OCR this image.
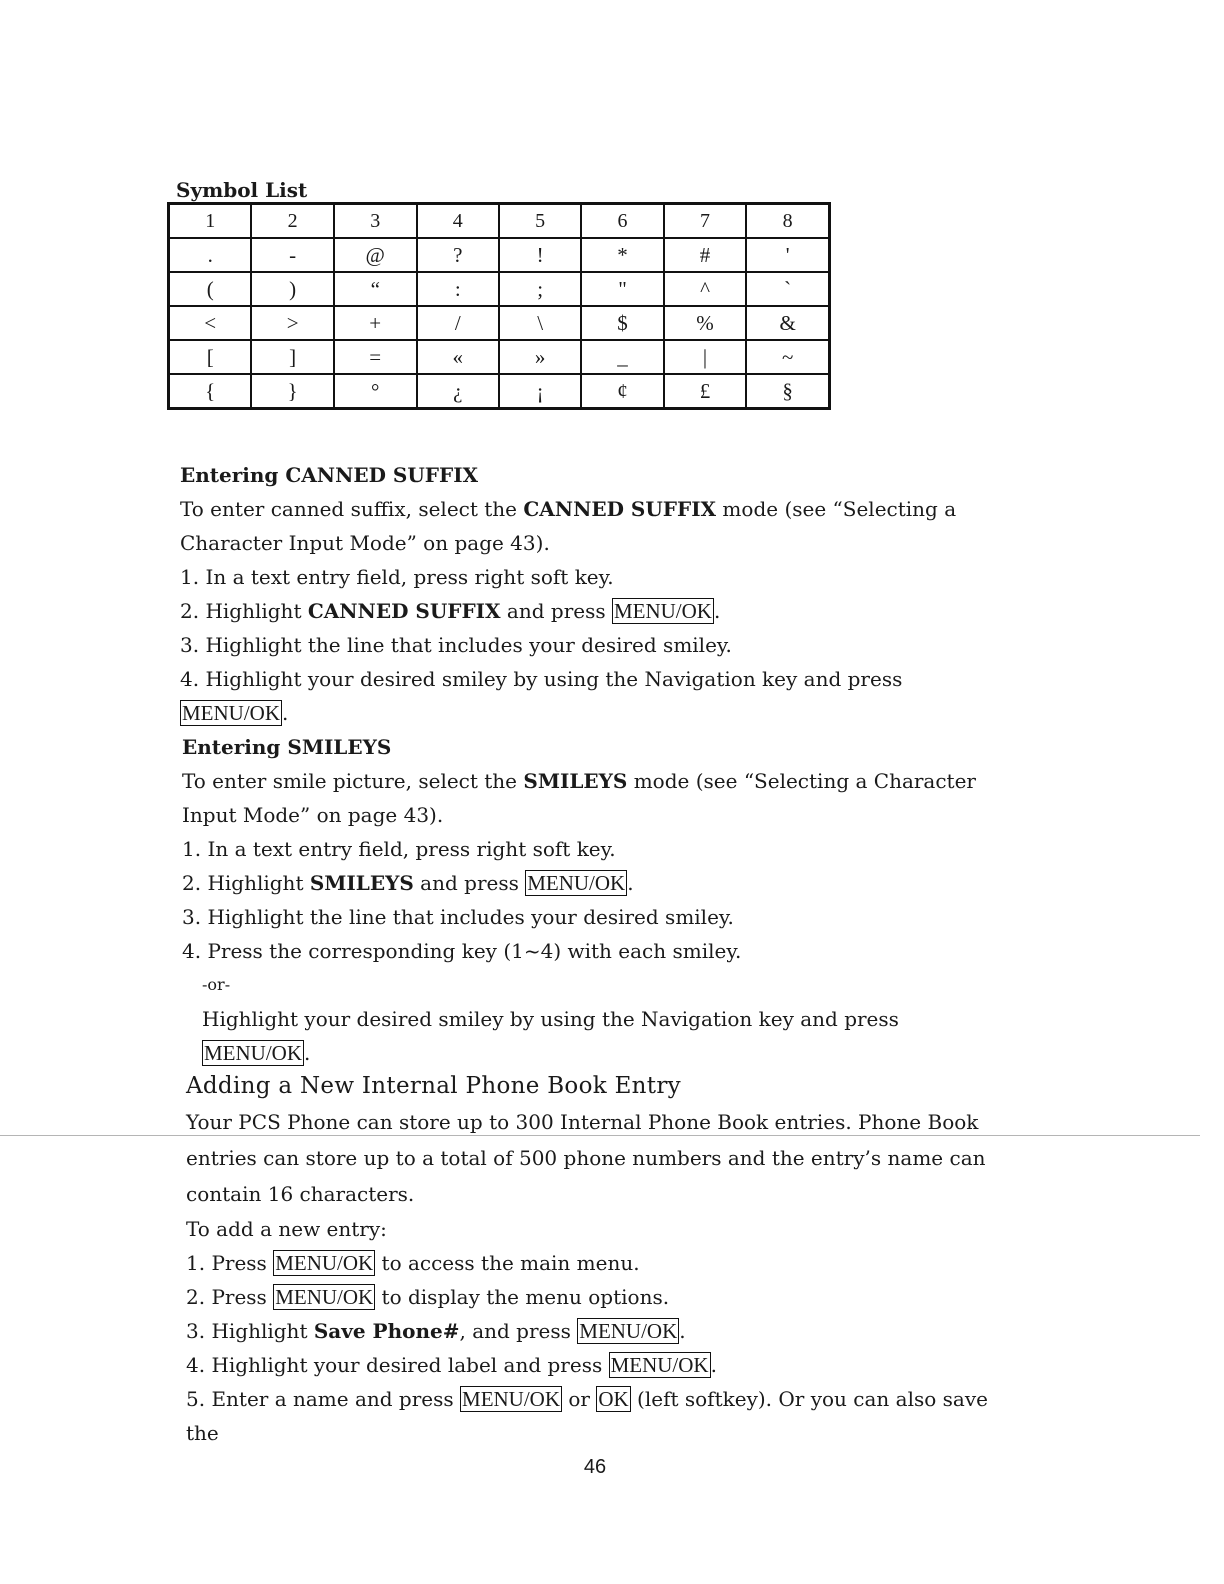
Symbol List
1	2	3	4	5	6	7	8
.	-	@	?	!	*	#	'
(	)	“	:	;	"	^	`
<	>	+	/	\	$	%	&
[	]	=	«	»	_	|	~
{	}	°	¿	¡	¢	£	§
Entering CANNED SUFFIX

To enter canned suffix, select the CANNED SUFFIX mode (see “Selecting a Character Input Mode” on page 43).

1. In a text entry field, press right soft key.

2. Highlight CANNED SUFFIX and press MENU/OK .

3. Highlight the line that includes your desired smiley.

4. Highlight your desired smiley by using the Navigation key and press MENU/OK .

Entering SMILEYS

To enter smile picture, select the SMILEYS mode (see “Selecting a Character Input Mode” on page 43).

1. In a text entry field, press right soft key.

2. Highlight SMILEYS and press MENU/OK .

3. Highlight the line that includes your desired smiley.

4. Press the corresponding key (1~4) with each smiley.

-or-

Highlight your desired smiley by using the Navigation key and press MENU/OK .

Adding a New Internal Phone Book Entry

Your PCS Phone can store up to 300 Internal Phone Book entries. Phone Book entries can store up to a total of 500 phone numbers and the entry’s name can contain 16 characters.

To add a new entry:

1. Press MENU/OK to access the main menu.

2. Press MENU/OK to display the menu options.

3. Highlight Save Phone#, and press MENU/OK .

4. Highlight your desired label and press MENU/OK .

5. Enter a name and press MENU/OK or OK (left softkey). Or you can also save the

46
